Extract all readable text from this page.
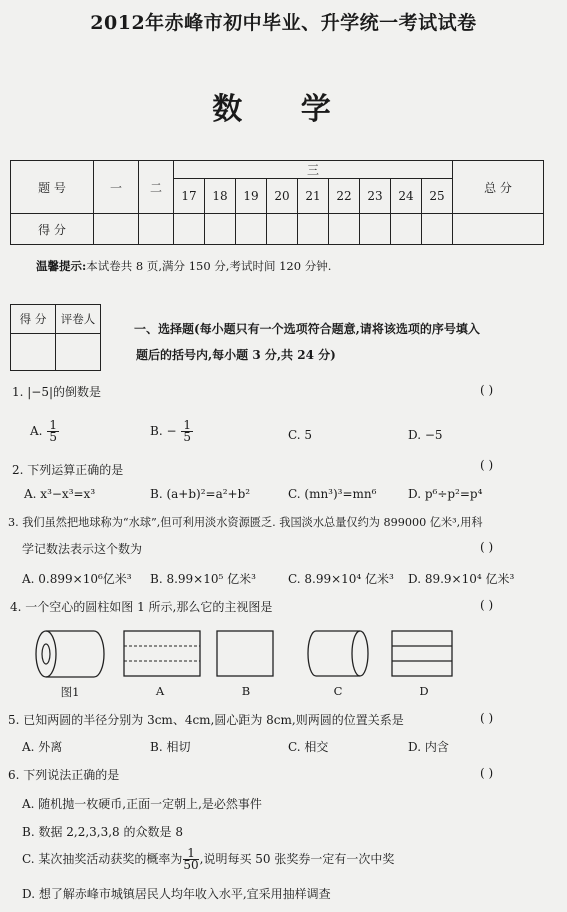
2012年赤峰市初中毕业、升学统一考试试卷
数 学
题 号	一	二	三									总 分
			17	18	19	20	21	22	23	24	25	
得 分												
温馨提示:本试卷共 8 页,满分 150 分,考试时间 120 分钟.
得 分	评卷人

一、选择题(每小题只有一个选项符合题意,请将该选项的序号填入
题后的括号内,每小题 3 分,共 24 分)
1. |−5|的倒数是	( )
A. $\frac{1}{5}$	B. − $\frac{1}{5}$	C. 5	D. −5
2. 下列运算正确的是	( )
A. x³−x³=x³	B. (a+b)²=a²+b²	C. (mn³)³=mn⁶	D. p⁶÷p²=p⁴
3. 我们虽然把地球称为“水球”,但可利用淡水资源匮乏. 我国淡水总量仅约为 899000 亿米³,用科
学记数法表示这个数为	( )
A. 0.899×10⁶亿米³ B. 8.99×10⁵ 亿米³	C. 8.99×10⁴ 亿米³ D. 89.9×10⁴ 亿米³
4. 一个空心的圆柱如图 1 所示,那么它的主视图是	( )
图1	A	B	C	D
5. 已知两圆的半径分别为 3cm、4cm,圆心距为 8cm,则两圆的位置关系是	( )
A. 外离	B. 相切	C. 相交	D. 内含
6. 下列说法正确的是	( )
A. 随机抛一枚硬币,正面一定朝上,是必然事件
B. 数据 2,2,3,3,8 的众数是 8
C. 某次抽奖活动获奖的概率为 $\frac{1}{50}$ ,说明每买 50 张奖券一定有一次中奖
D. 想了解赤峰市城镇居民人均年收入水平,宜采用抽样调查
